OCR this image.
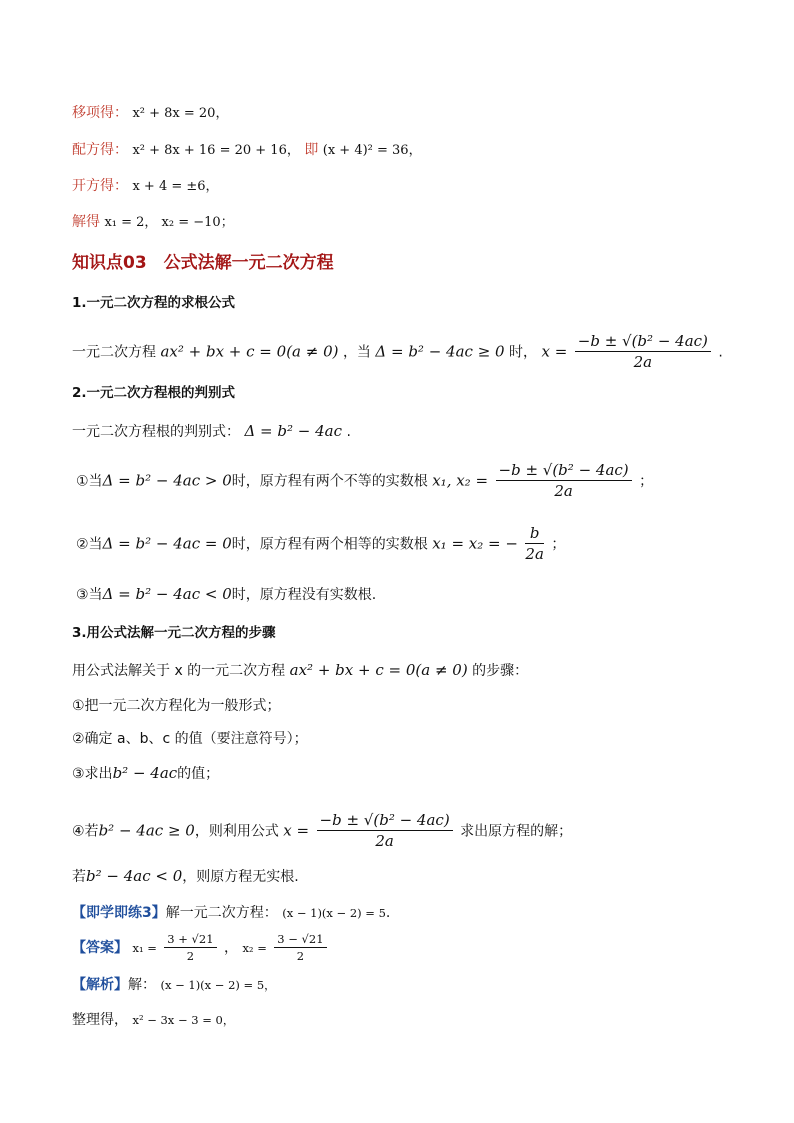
移项得： x² + 8x = 20，
配方得： x² + 8x + 16 = 20 + 16， 即 (x + 4)² = 36，
开方得： x + 4 = ±6，
解得 x₁ = 2， x₂ = −10；
知识点03　公式法解一元二次方程
1.一元二次方程的求根公式
一元二次方程 ax² + bx + c = 0(a ≠ 0) ，当 Δ = b² − 4ac ≥ 0 时， $x = \frac{\text{−b ± √(b² − 4ac)}}{2a}$ .
2.一元二次方程根的判别式
一元二次方程根的判别式： Δ = b² − 4ac .
①当Δ = b² − 4ac > 0时，原方程有两个不等的实数根 x₁, $x_2 = \frac{\text{−b ± √(b² − 4ac)}}{2a}$ ；
②当Δ = b² − 4ac = 0时，原方程有两个相等的实数根 x₁ = x₂ = − $\frac{b}{2a}$ ；
③当Δ = b² − 4ac < 0时，原方程没有实数根.
3.用公式法解一元二次方程的步骤
用公式法解关于 x 的一元二次方程 ax² + bx + c = 0(a ≠ 0) 的步骤：
①把一元二次方程化为一般形式；
②确定 a、b、c 的值（要注意符号）；
③求出b² − 4ac的值；
④若b² − 4ac ≥ 0，则利用公式 $x = \frac{\text{−b ± √(b² − 4ac)}}{2a}$ 求出原方程的解；
若b² − 4ac < 0，则原方程无实根.
【即学即练3】解一元二次方程： (x − 1)(x − 2) = 5.
【答案】 $x_1 = \frac{3 + √21}{2}$ ， $x_2 = \frac{3 - √21}{2}$
【解析】解： (x − 1)(x − 2) = 5，
整理得， x² − 3x − 3 = 0，
